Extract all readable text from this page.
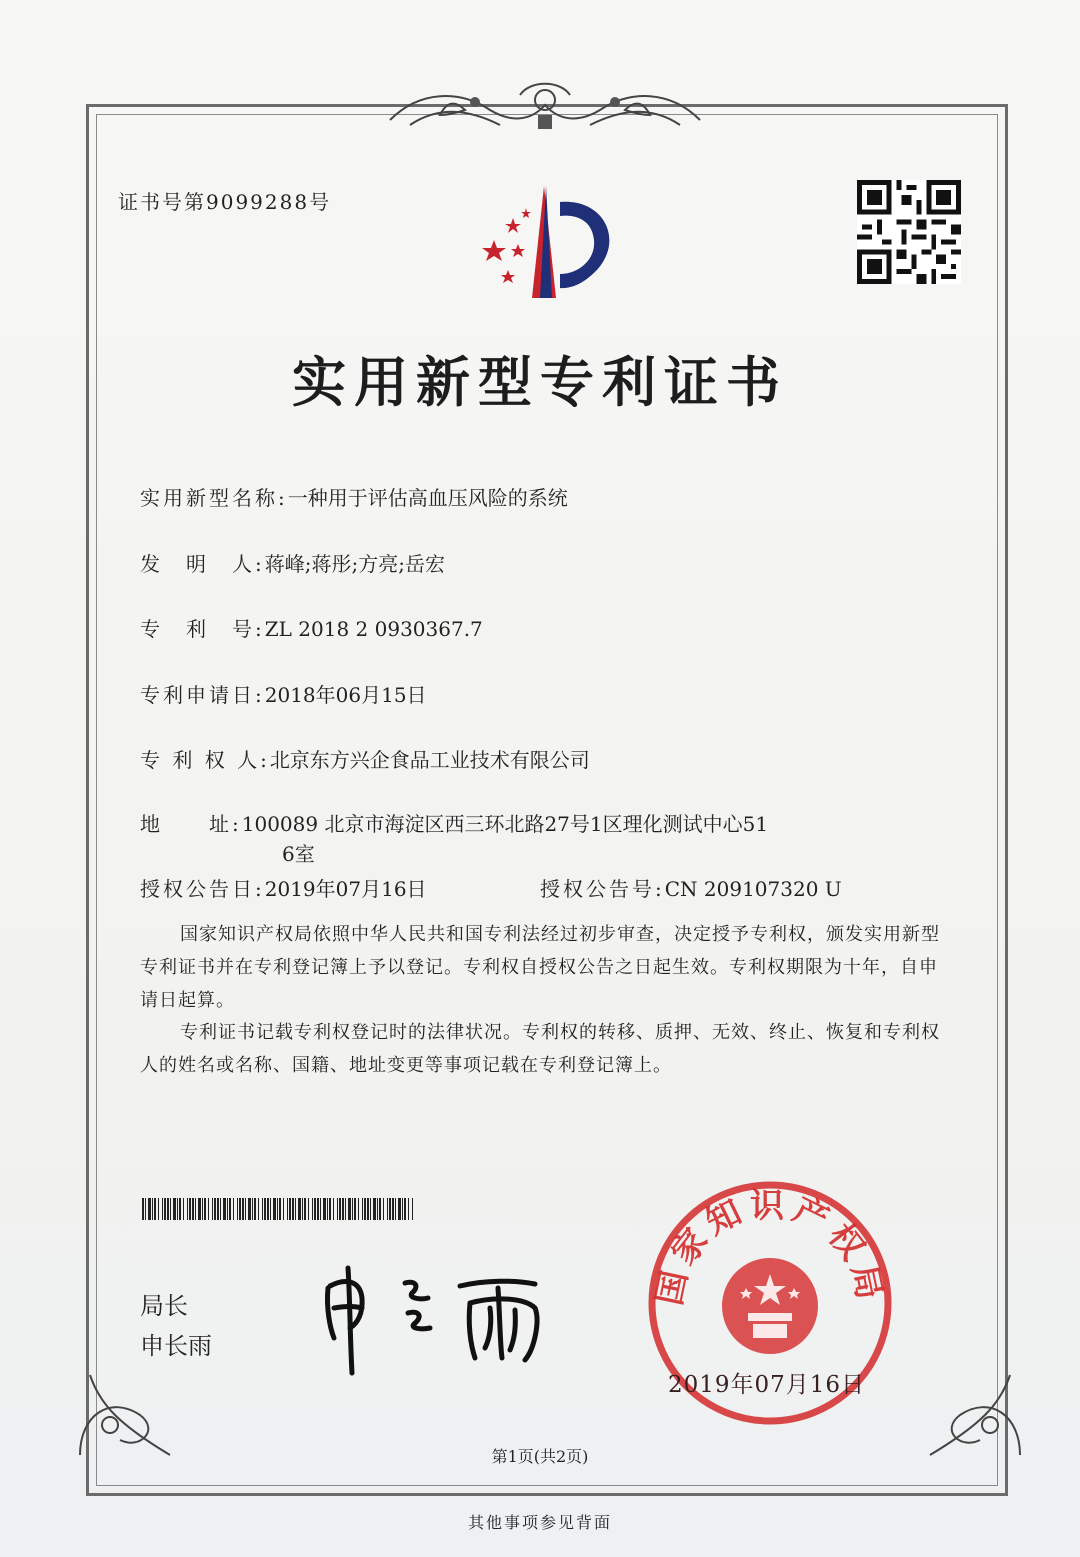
证书号第9099288号
实用新型专利证书
实用新型名称:一种用于评估高血压风险的系统
发　明　人:蒋峰;蒋彤;方亮;岳宏
专　利　号:ZL 2018 2 0930367.7
专利申请日:2018年06月15日
专 利 权 人:北京东方兴企食品工业技术有限公司
地　　址:100089 北京市海淀区西三环北路27号1区理化测试中心51
6室
授权公告日:2019年07月16日	授权公告号:CN 209107320 U
国家知识产权局依照中华人民共和国专利法经过初步审查，决定授予专利权，颁发实用新型专利证书并在专利登记簿上予以登记。专利权自授权公告之日起生效。专利权期限为十年，自申请日起算。
专利证书记载专利权登记时的法律状况。专利权的转移、质押、无效、终止、恢复和专利权人的姓名或名称、国籍、地址变更等事项记载在专利登记簿上。
局长
申长雨
国家知识产权局
2019年07月16日
第1页(共2页)
其他事项参见背面
